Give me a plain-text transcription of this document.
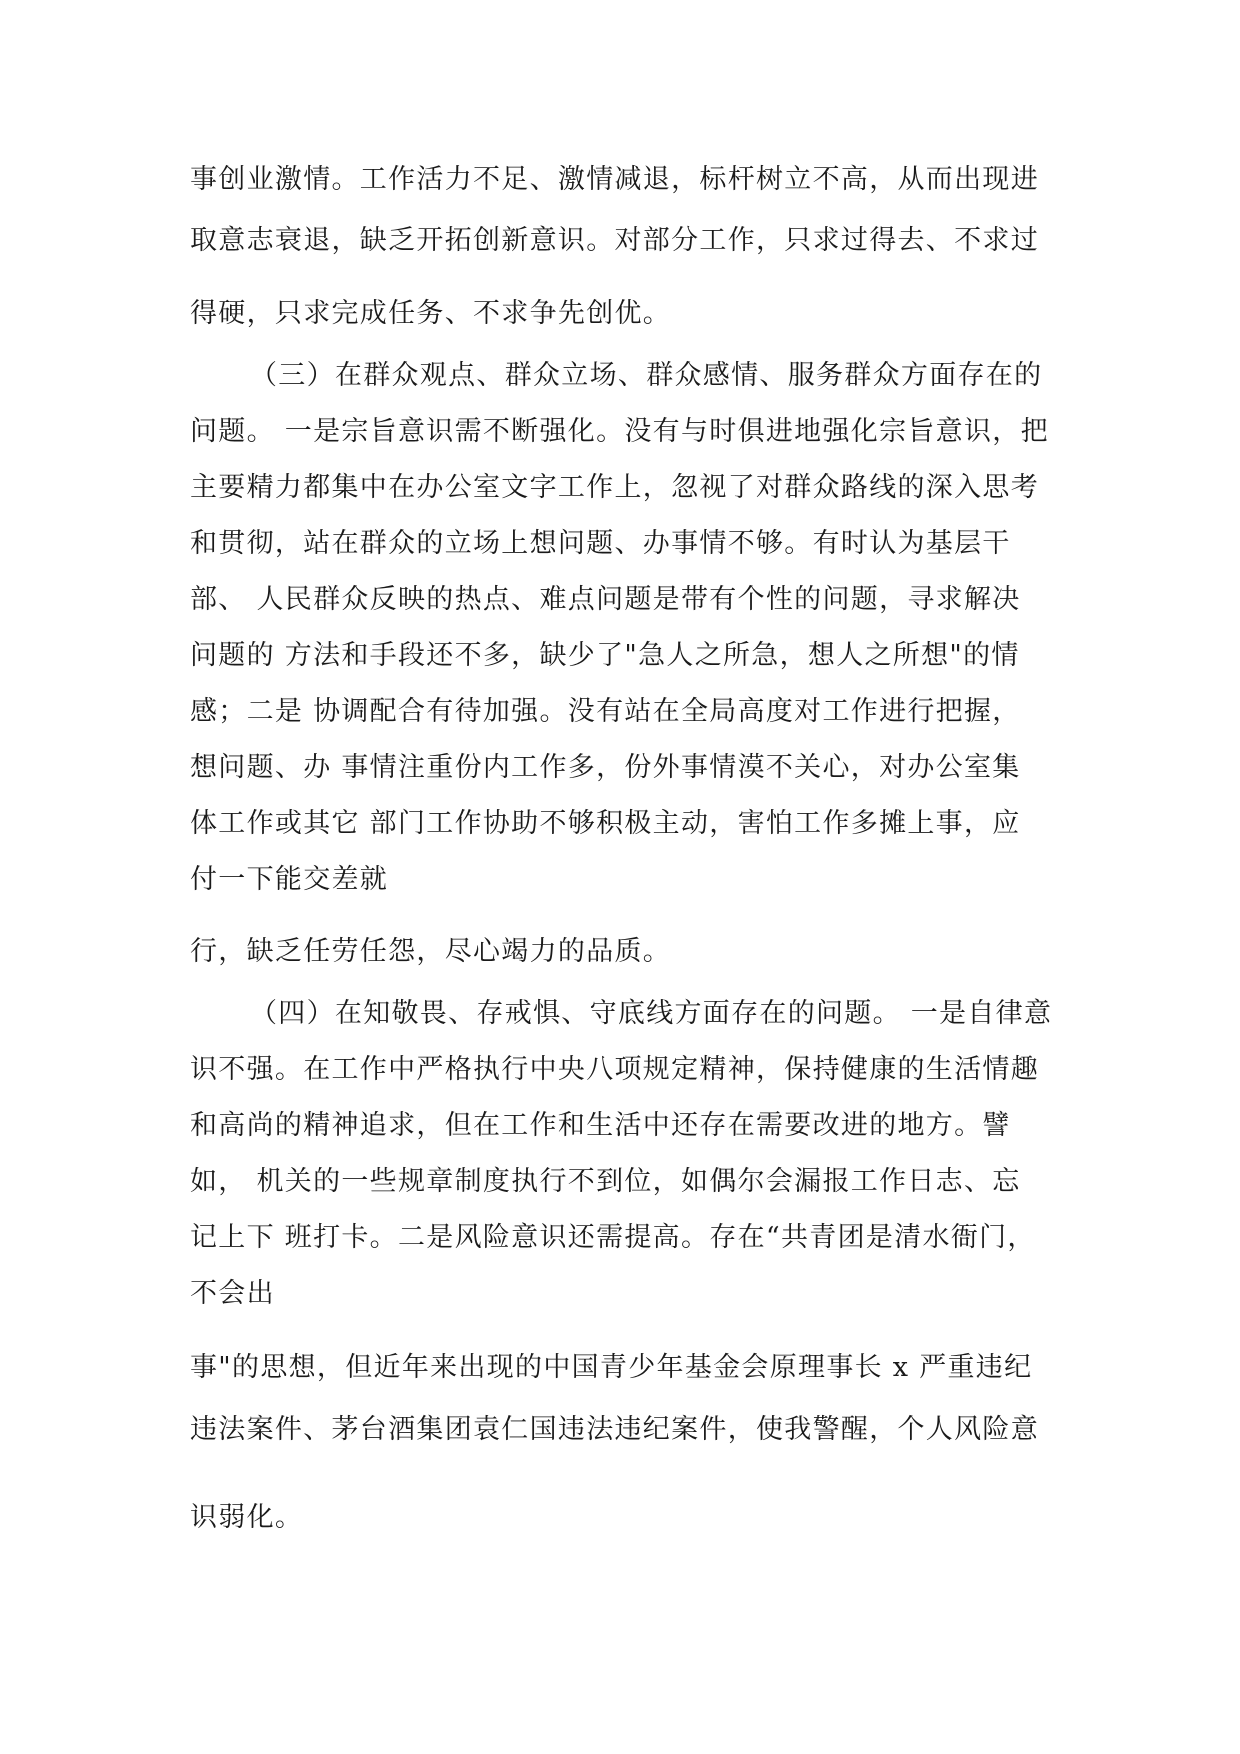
事创业激情。工作活力不足、激情减退，标杆树立不高，从而出现进
取意志衰退，缺乏开拓创新意识。对部分工作，只求过得去、不求过
得硬，只求完成任务、不求争先创优。
（三）在群众观点、群众立场、群众感情、服务群众方面存在的
问题。 一是宗旨意识需不断强化。没有与时俱进地强化宗旨意识，把
主要精力都集中在办公室文字工作上，忽视了对群众路线的深入思考
和贯彻，站在群众的立场上想问题、办事情不够。有时认为基层干
部、 人民群众反映的热点、难点问题是带有个性的问题，寻求解决
问题的 方法和手段还不多，缺少了"急人之所急，想人之所想"的情
感；二是 协调配合有待加强。没有站在全局高度对工作进行把握，
想问题、办 事情注重份内工作多，份外事情漠不关心，对办公室集
体工作或其它 部门工作协助不够积极主动，害怕工作多摊上事，应
付一下能交差就
行，缺乏任劳任怨，尽心竭力的品质。
（四）在知敬畏、存戒惧、守底线方面存在的问题。 一是自律意
识不强。在工作中严格执行中央八项规定精神，保持健康的生活情趣
和高尚的精神追求，但在工作和生活中还存在需要改进的地方。譬
如， 机关的一些规章制度执行不到位，如偶尔会漏报工作日志、忘
记上下 班打卡。二是风险意识还需提高。存在“共青团是清水衙门，
不会出
事"的思想，但近年来出现的中国青少年基金会原理事长 x 严重违纪
违法案件、茅台酒集团袁仁国违法违纪案件，使我警醒，个人风险意
识弱化。
